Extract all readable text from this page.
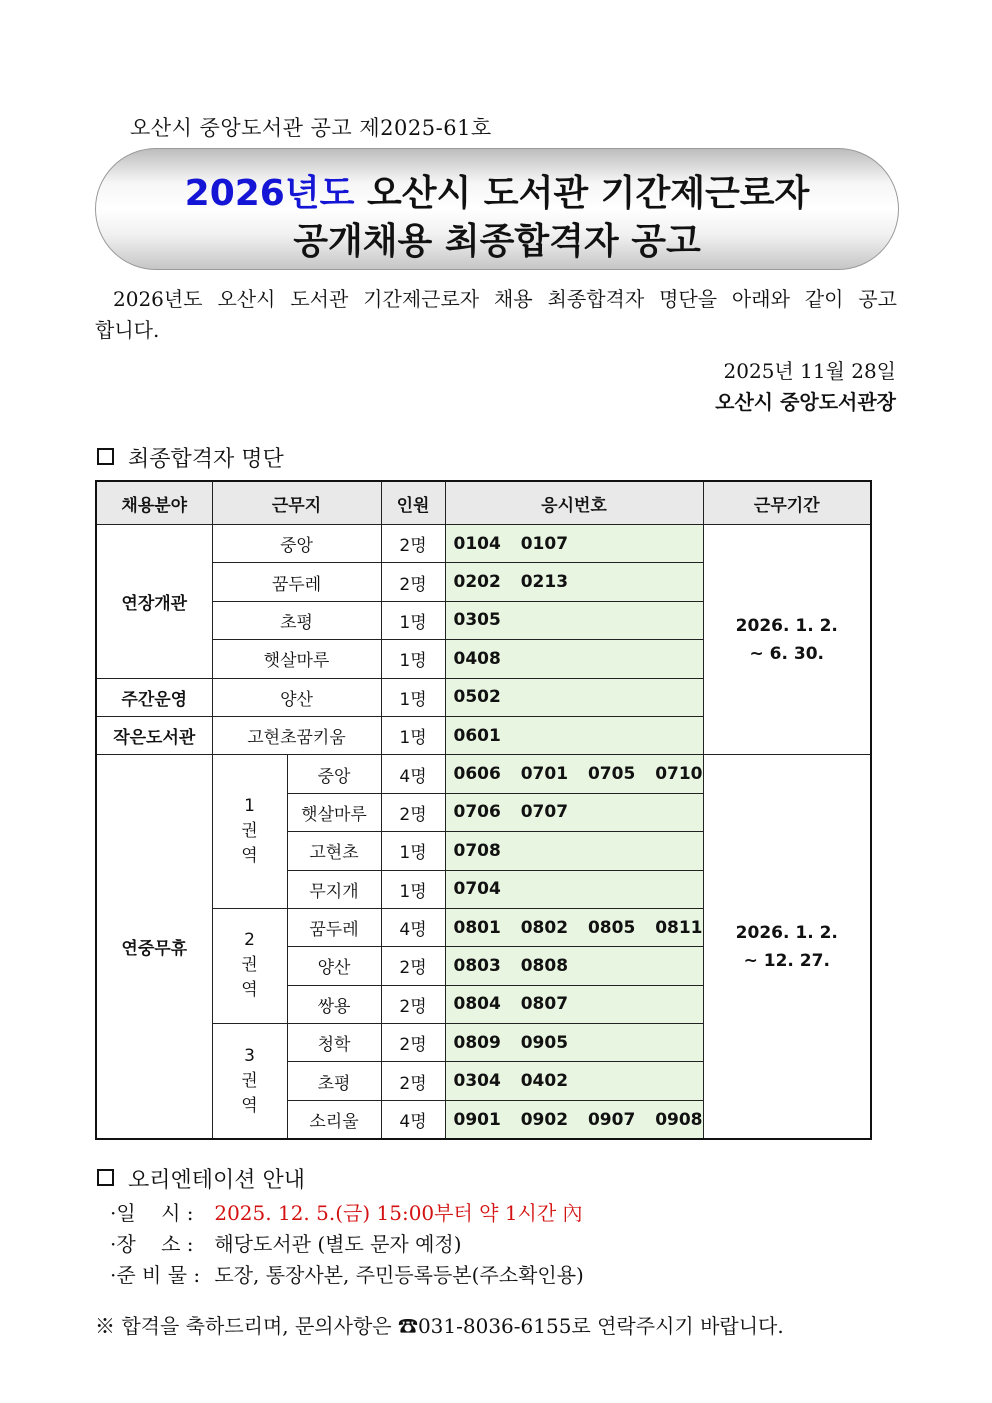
오산시 중앙도서관 공고 제2025-61호
2026년도 오산시 도서관 기간제근로자
공개채용 최종합격자 공고
2026년도 오산시 도서관 기간제근로자 채용 최종합격자 명단을 아래와 같이 공고합니다.
2025년 11월 28일
오산시 중앙도서관장
최종합격자 명단
채용분야	근무지		인원	응시번호	근무기간
연장개관	중앙		2명	0104 0107	2026. 1. 2.
~ 6. 30.
	꿈두레		2명	0202 0213	
	초평		1명	0305	
	햇살마루		1명	0408	
주간운영	양산		1명	0502	
작은도서관	고현초꿈키움		1명	0601	
연중무휴	1 권 역	중앙	4명	0606 0701 0705 0710	2026. 1. 2.
~ 12. 27.
		햇살마루	2명	0706 0707	
		고현초	1명	0708	
		무지개	1명	0704	
	2 권 역	꿈두레	4명	0801 0802 0805 0811	
		양산	2명	0803 0808	
		쌍용	2명	0804 0807	
	3 권 역	청학	2명	0809 0905	
		초평	2명	0304 0402	
		소리울	4명	0901 0902 0907 0908	
오리엔테이션 안내
·일    시 : 2025. 12. 5.(금) 15:00부터 약 1시간 內
·장    소 : 해당도서관 (별도 문자 예정)
·준 비 물 : 도장, 통장사본, 주민등록등본(주소확인용)
※ 합격을 축하드리며, 문의사항은 ☎031-8036-6155로 연락주시기 바랍니다.
